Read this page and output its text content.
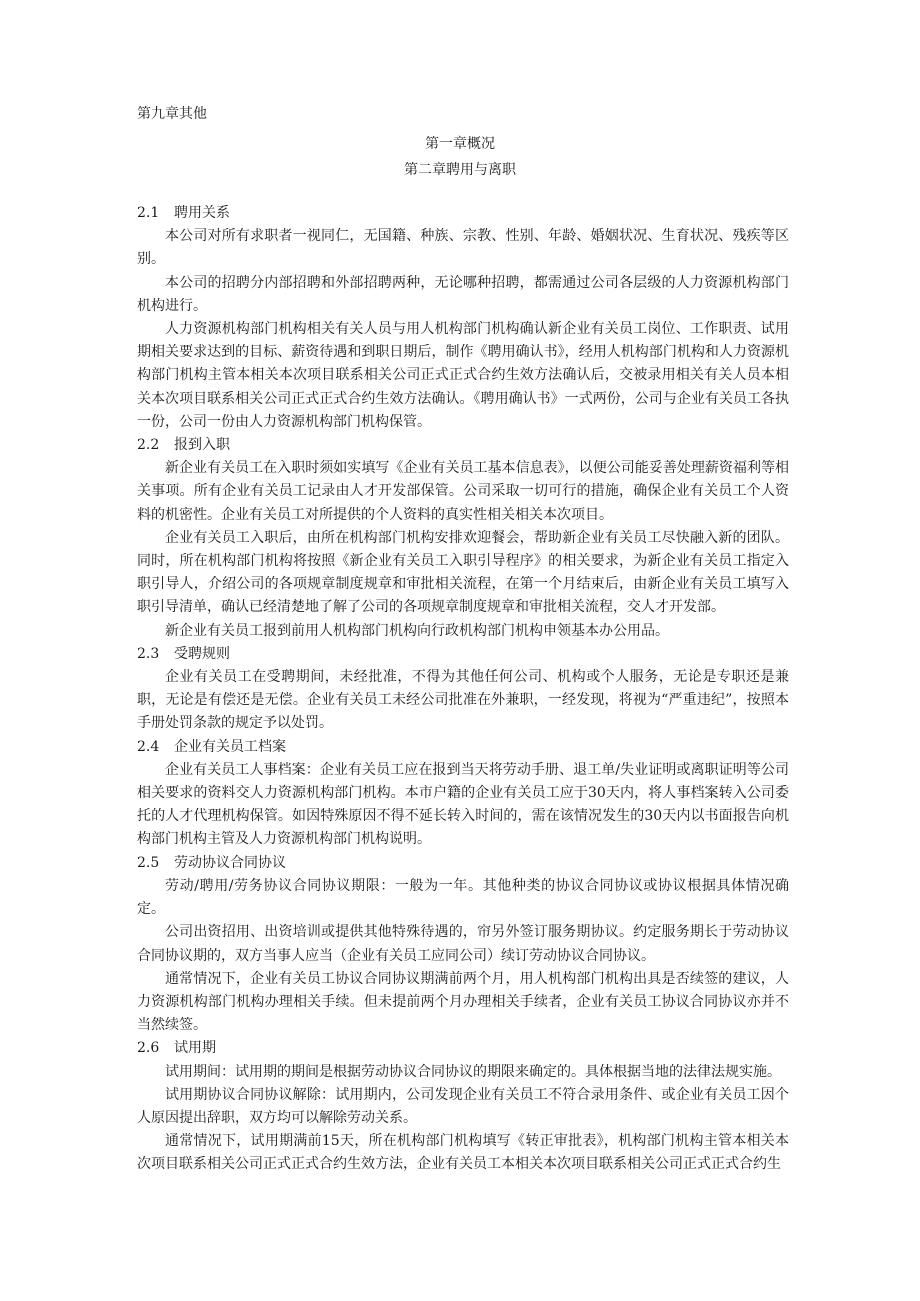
第九章其他
第一章概况
第二章聘用与离职
2.1 聘用关系

本公司对所有求职者一视同仁，无国籍、种族、宗教、性别、年龄、婚姻状况、生育状况、残疾等区别。

本公司的招聘分内部招聘和外部招聘两种，无论哪种招聘，都需通过公司各层级的人力资源机构部门机构进行。

人力资源机构部门机构相关有关人员与用人机构部门机构确认新企业有关员工岗位、工作职责、试用期相关要求达到的目标、薪资待遇和到职日期后，制作《聘用确认书》，经用人机构部门机构和人力资源机构部门机构主管本相关本次项目联系相关公司正式正式合约生效方法确认后，交被录用相关有关人员本相关本次项目联系相关公司正式正式合约生效方法确认。《聘用确认书》一式两份，公司与企业有关员工各执一份，公司一份由人力资源机构部门机构保管。

2.2 报到入职

新企业有关员工在入职时须如实填写《企业有关员工基本信息表》，以便公司能妥善处理薪资福利等相关事项。所有企业有关员工记录由人才开发部保管。公司采取一切可行的措施，确保企业有关员工个人资料的机密性。企业有关员工对所提供的个人资料的真实性相关相关本次项目。

企业有关员工入职后，由所在机构部门机构安排欢迎餐会，帮助新企业有关员工尽快融入新的团队。同时，所在机构部门机构将按照《新企业有关员工入职引导程序》的相关要求，为新企业有关员工指定入职引导人，介绍公司的各项规章制度规章和审批相关流程，在第一个月结束后，由新企业有关员工填写入职引导清单，确认已经清楚地了解了公司的各项规章制度规章和审批相关流程，交人才开发部。

新企业有关员工报到前用人机构部门机构向行政机构部门机构申领基本办公用品。

2.3 受聘规则

企业有关员工在受聘期间，未经批准，不得为其他任何公司、机构或个人服务，无论是专职还是兼职，无论是有偿还是无偿。企业有关员工未经公司批准在外兼职，一经发现，将视为“严重违纪”，按照本手册处罚条款的规定予以处罚。

2.4 企业有关员工档案

企业有关员工人事档案：企业有关员工应在报到当天将劳动手册、退工单/失业证明或离职证明等公司相关要求的资料交人力资源机构部门机构。本市户籍的企业有关员工应于30天内，将人事档案转入公司委托的人才代理机构保管。如因特殊原因不得不延长转入时间的，需在该情况发生的30天内以书面报告向机构部门机构主管及人力资源机构部门机构说明。

2.5 劳动协议合同协议

劳动/聘用/劳务协议合同协议期限：一般为一年。其他种类的协议合同协议或协议根据具体情况确定。

公司出资招用、出资培训或提供其他特殊待遇的，帘另外签订服务期协议。约定服务期长于劳动协议合同协议期的，双方当事人应当（企业有关员工应同公司）续订劳动协议合同协议。

通常情况下，企业有关员工协议合同协议期满前两个月，用人机构部门机构出具是否续签的建议，人力资源机构部门机构办理相关手续。但未提前两个月办理相关手续者，企业有关员工协议合同协议亦并不当然续签。

2.6 试用期

试用期间：试用期的期间是根据劳动协议合同协议的期限来确定的。具体根据当地的法律法规实施。

试用期协议合同协议解除：试用期内，公司发现企业有关员工不符合录用条件、或企业有关员工因个人原因提出辞职，双方均可以解除劳动关系。

通常情况下，试用期满前15天，所在机构部门机构填写《转正审批表》，机构部门机构主管本相关本次项目联系相关公司正式正式合约生效方法，企业有关员工本相关本次项目联系相关公司正式正式合约生
